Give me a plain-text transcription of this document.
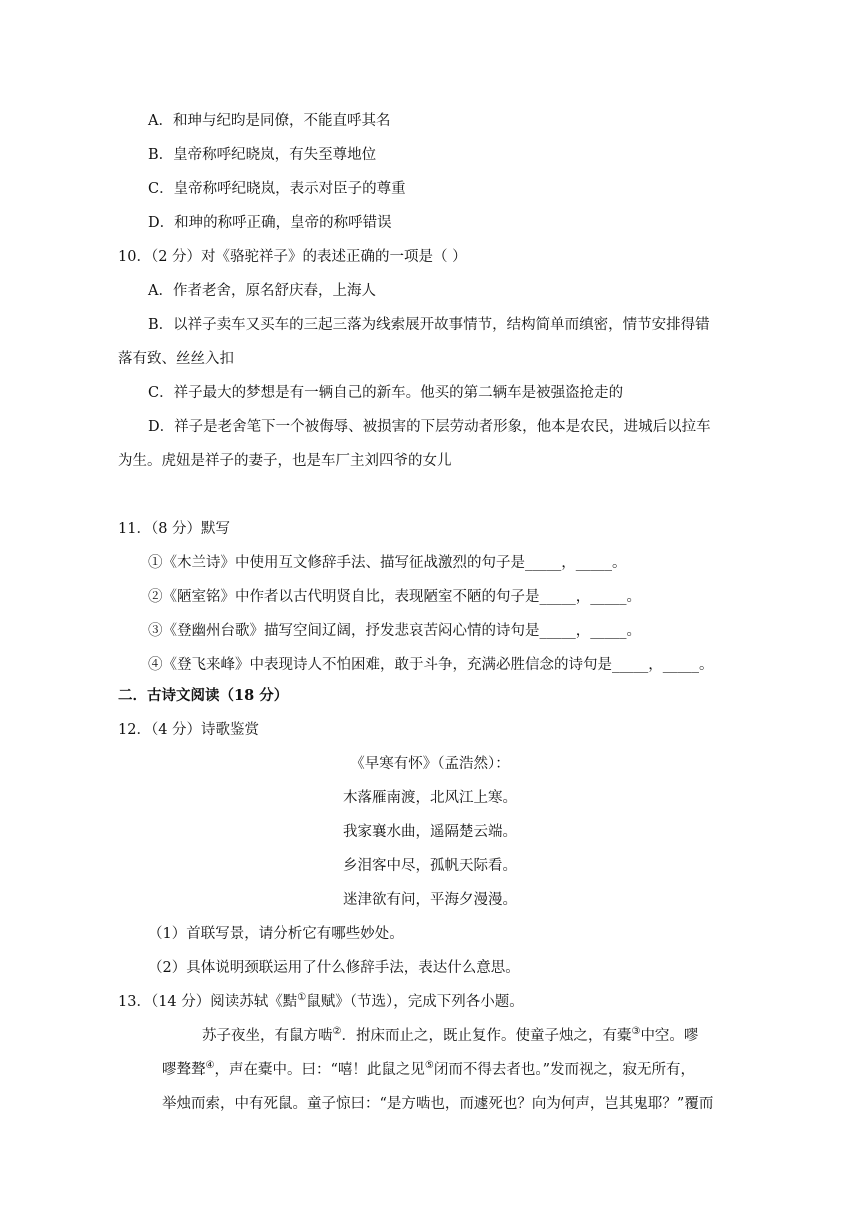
A．和珅与纪昀是同僚，不能直呼其名
B．皇帝称呼纪晓岚，有失至尊地位
C．皇帝称呼纪晓岚，表示对臣子的尊重
D．和珅的称呼正确，皇帝的称呼错误
10．（2 分）对《骆驼祥子》的表述正确的一项是（ ）
A．作者老舍，原名舒庆春，上海人
B．以祥子卖车又买车的三起三落为线索展开故事情节，结构简单而缜密，情节安排得错
落有致、丝丝入扣
C．祥子最大的梦想是有一辆自己的新车。他买的第二辆车是被强盗抢走的
D．祥子是老舍笔下一个被侮辱、被损害的下层劳动者形象，他本是农民，进城后以拉车
为生。虎妞是祥子的妻子，也是车厂主刘四爷的女儿
11．（8 分）默写
①《木兰诗》中使用互文修辞手法、描写征战激烈的句子是_____，_____。
②《陋室铭》中作者以古代明贤自比，表现陋室不陋的句子是_____，_____。
③《登幽州台歌》描写空间辽阔，抒发悲哀苦闷心情的诗句是_____，_____。
④《登飞来峰》中表现诗人不怕困难，敢于斗争，充满必胜信念的诗句是_____，_____。
二．古诗文阅读（18 分）
12．（4 分）诗歌鉴赏
《早寒有怀》（孟浩然）：
木落雁南渡，北风江上寒。
我家襄水曲，遥隔楚云端。
乡泪客中尽，孤帆天际看。
迷津欲有问，平海夕漫漫。
（1）首联写景，请分析它有哪些妙处。
（2）具体说明颈联运用了什么修辞手法，表达什么意思。
13．（14 分）阅读苏轼《黠①鼠赋》（节选），完成下列各小题。
苏子夜坐，有鼠方啮②．拊床而止之，既止复作。使童子烛之，有橐③中空。嘐
嘐聱聱④，声在橐中。曰：“嘻！此鼠之见⑤闭而不得去者也。”发而视之，寂无所有，
举烛而索，中有死鼠。童子惊曰：“是方啮也，而遽死也？向为何声，岂其鬼耶？”覆而
